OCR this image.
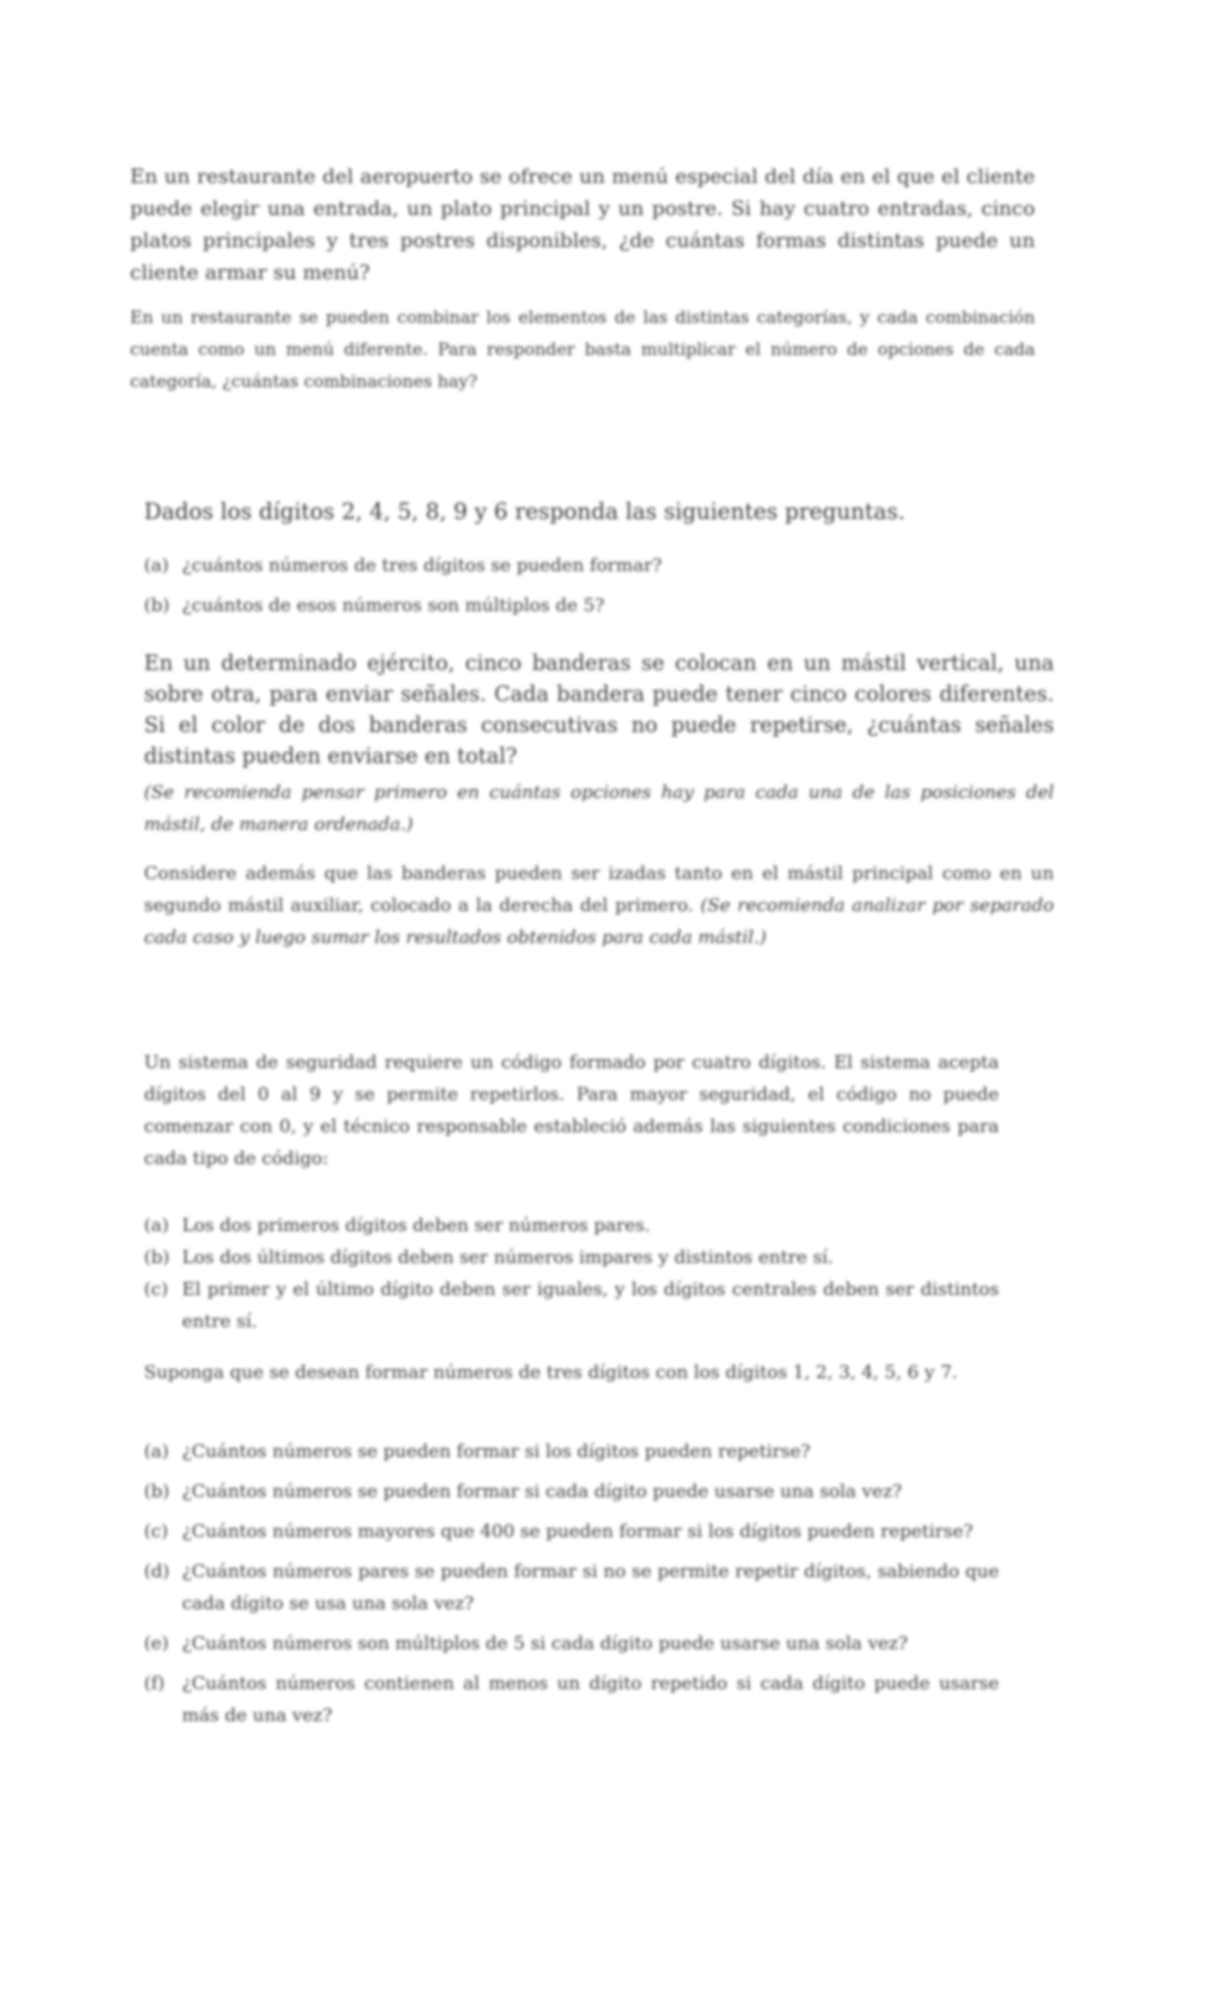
En un restaurante del aeropuerto se ofrece un menú especial del día en el que el cliente puede elegir una entrada, un plato principal y un postre. Si hay cuatro entradas, cinco platos principales y tres postres disponibles, ¿de cuántas formas distintas puede un cliente armar su menú?

En un restaurante se pueden combinar los elementos de las distintas categorías, y cada combinación cuenta como un menú diferente. Para responder basta multiplicar el número de opciones de cada categoría, ¿cuántas combinaciones hay?

Dados los dígitos 2, 4, 5, 8, 9 y 6 responda las siguientes preguntas.

(a) ¿cuántos números de tres dígitos se pueden formar?
(b) ¿cuántos de esos números son múltiplos de 5?

En un determinado ejército, cinco banderas se colocan en un mástil vertical, una sobre otra, para enviar señales. Cada bandera puede tener cinco colores diferentes. Si el color de dos banderas consecutivas no puede repetirse, ¿cuántas señales distintas pueden enviarse en total?

(Se recomienda pensar primero en cuántas opciones hay para cada una de las posiciones del mástil, de manera ordenada.)

Considere además que las banderas pueden ser izadas tanto en el mástil principal como en un segundo mástil auxiliar, colocado a la derecha del primero. (Se recomienda analizar por separado cada caso y luego sumar los resultados obtenidos para cada mástil.)

Un sistema de seguridad requiere un código formado por cuatro dígitos. El sistema acepta dígitos del 0 al 9 y se permite repetirlos. Para mayor seguridad, el código no puede comenzar con 0, y el técnico responsable estableció además las siguientes condiciones para cada tipo de código:

(a) Los dos primeros dígitos deben ser números pares.
(b) Los dos últimos dígitos deben ser números impares y distintos entre sí.
(c) El primer y el último dígito deben ser iguales, y los dígitos centrales deben ser distintos entre sí.

Suponga que se desean formar números de tres dígitos con los dígitos 1, 2, 3, 4, 5, 6 y 7.

(a) ¿Cuántos números se pueden formar si los dígitos pueden repetirse?
(b) ¿Cuántos números se pueden formar si cada dígito puede usarse una sola vez?
(c) ¿Cuántos números mayores que 400 se pueden formar si los dígitos pueden repetirse?
(d) ¿Cuántos números pares se pueden formar si no se permite repetir dígitos, sabiendo que cada dígito se usa una sola vez?
(e) ¿Cuántos números son múltiplos de 5 si cada dígito puede usarse una sola vez?
(f) ¿Cuántos números contienen al menos un dígito repetido si cada dígito puede usarse más de una vez?
